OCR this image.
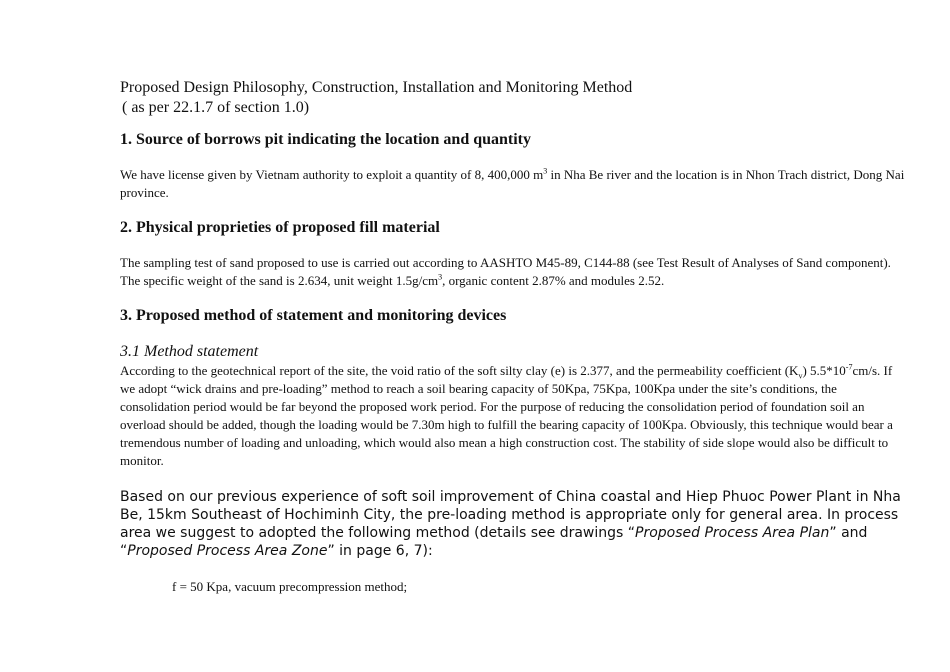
Proposed Design Philosophy, Construction, Installation and Monitoring Method
( as per 22.1.7 of section 1.0)
1. Source of borrows pit indicating the location and quantity
We have license given by Vietnam authority to exploit a quantity of 8, 400,000 $m^3$ in Nha Be river and the location is in Nhon Trach district, Dong Nai province.
2. Physical proprieties of proposed fill material
The sampling test of sand proposed to use is carried out according to AASHTO M45-89, C144-88 (see Test Result of Analyses of Sand component). The specific weight of the sand is 2.634, unit weight $1.5g/cm^3$, organic content 2.87% and modules 2.52.
3. Proposed method of statement and monitoring devices
3.1 Method statement
According to the geotechnical report of the site, the void ratio of the soft silty clay (e) is 2.377, and the permeability coefficient $(K_v)$ $5.5*10^{-7}cm/s$. If we adopt “wick drains and pre-loading” method to reach a soil bearing capacity of 50Kpa, 75Kpa, 100Kpa under the site’s conditions, the consolidation period would be far beyond the proposed work period. For the purpose of reducing the consolidation period of foundation soil an overload should be added, though the loading would be 7.30m high to fulfill the bearing capacity of 100Kpa. Obviously, this technique would bear a tremendous number of loading and unloading, which would also mean a high construction cost. The stability of side slope would also be difficult to monitor.
Based on our previous experience of soft soil improvement of China coastal and Hiep Phuoc Power Plant in Nha Be, 15km Southeast of Hochiminh City, the pre-loading method is appropriate only for general area. In process area we suggest to adopted the following method (details see drawings “Proposed Process Area Plan” and “Proposed Process Area Zone” in page 6, 7):
f = 50 Kpa, vacuum precompression method;
